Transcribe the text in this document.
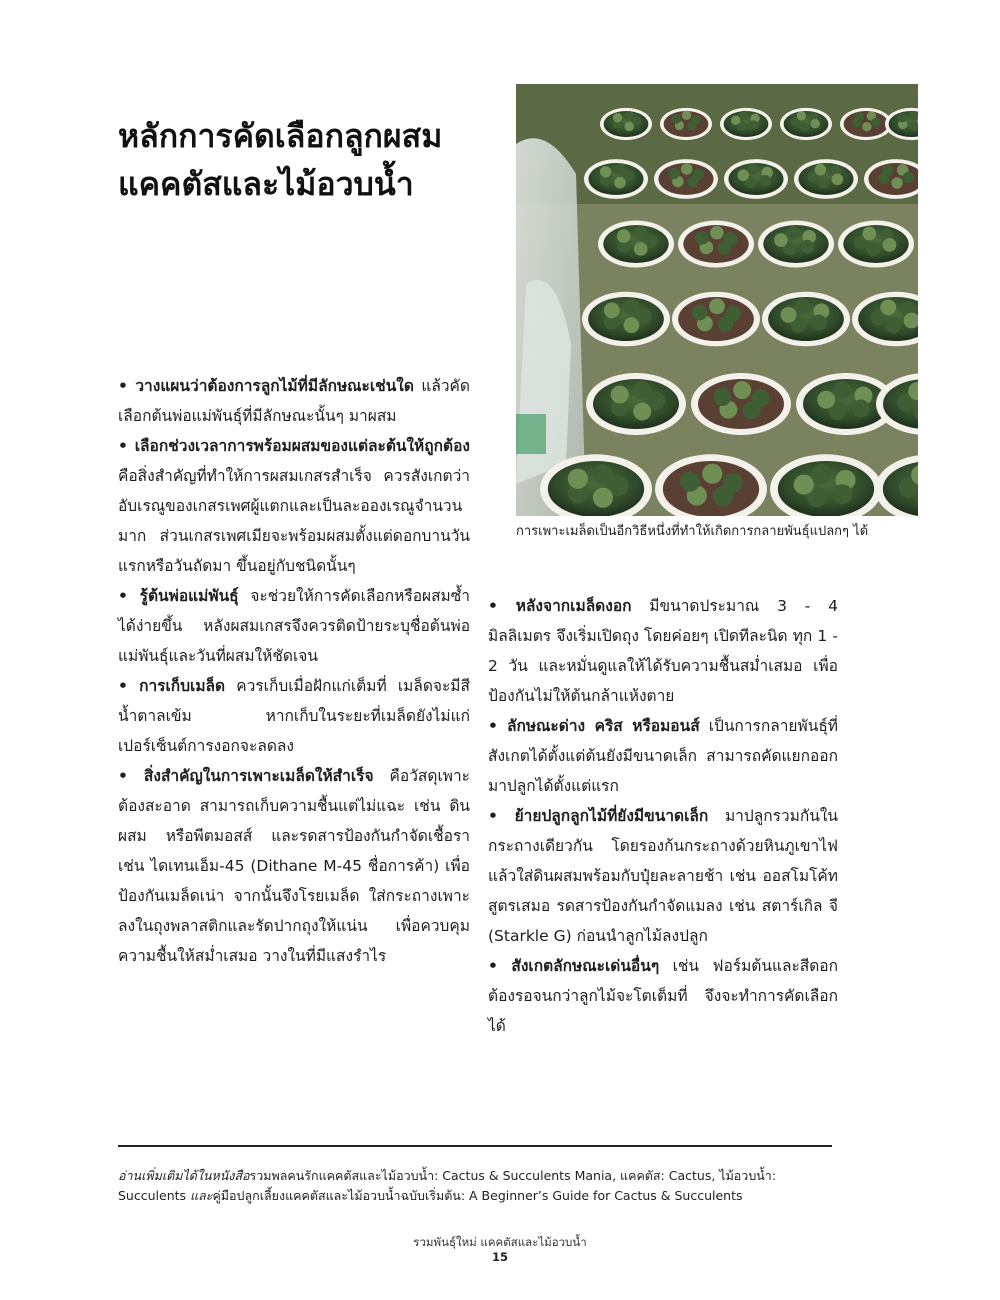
หลักการคัดเลือกลูกผสม
แคคตัสและไม้อวบน้ำ
การเพาะเมล็ดเป็นอีกวิธีหนึ่งที่ทำให้เกิดการกลายพันธุ์แปลกๆ ได้

• วางแผนว่าต้องการลูกไม้ที่มีลักษณะเช่นใด แล้วคัดเลือกต้นพ่อแม่พันธุ์ที่มีลักษณะนั้นๆ มาผสม

• เลือกช่วงเวลาการพร้อมผสมของแต่ละต้นให้ถูกต้อง คือสิ่งสำคัญที่ทำให้การผสมเกสรสำเร็จ ควรสังเกตว่าอับเรณูของเกสรเพศผู้แตกและเป็นละอองเรณูจำนวนมาก ส่วนเกสรเพศเมียจะพร้อมผสมตั้งแต่ดอกบานวันแรกหรือวันถัดมา ขึ้นอยู่กับชนิดนั้นๆ

• รู้ต้นพ่อแม่พันธุ์ จะช่วยให้การคัดเลือกหรือผสมซ้ำได้ง่ายขึ้น หลังผสมเกสรจึงควรติดป้ายระบุชื่อต้นพ่อแม่พันธุ์และวันที่ผสมให้ชัดเจน

• การเก็บเมล็ด ควรเก็บเมื่อฝักแก่เต็มที่ เมล็ดจะมีสีน้ำตาลเข้ม หากเก็บในระยะที่เมล็ดยังไม่แก่ เปอร์เซ็นต์การงอกจะลดลง

• สิ่งสำคัญในการเพาะเมล็ดให้สำเร็จ คือวัสดุเพาะต้องสะอาด สามารถเก็บความชื้นแต่ไม่แฉะ เช่น ดินผสม หรือพีตมอสส์ และรดสารป้องกันกำจัดเชื้อรา เช่น ไดเทนเอ็ม-45 (Dithane M-45 ชื่อการค้า) เพื่อป้องกันเมล็ดเน่า จากนั้นจึงโรยเมล็ด ใส่กระถางเพาะลงในถุงพลาสติกและรัดปากถุงให้แน่น เพื่อควบคุมความชื้นให้สม่ำเสมอ วางในที่มีแสงรำไร

• หลังจากเมล็ดงอก มีขนาดประมาณ 3 - 4 มิลลิเมตร จึงเริ่มเปิดถุง โดยค่อยๆ เปิดทีละนิด ทุก 1 - 2 วัน และหมั่นดูแลให้ได้รับความชื้นสม่ำเสมอ เพื่อป้องกันไม่ให้ต้นกล้าแห้งตาย

• ลักษณะด่าง คริส หรือมอนส์ เป็นการกลายพันธุ์ที่สังเกตได้ตั้งแต่ต้นยังมีขนาดเล็ก สามารถคัดแยกออกมาปลูกได้ตั้งแต่แรก

• ย้ายปลูกลูกไม้ที่ยังมีขนาดเล็ก มาปลูกรวมกันในกระถางเดียวกัน โดยรองก้นกระถางด้วยหินภูเขาไฟ แล้วใส่ดินผสมพร้อมกับปุ๋ยละลายช้า เช่น ออสโมโค้ทสูตรเสมอ รดสารป้องกันกำจัดแมลง เช่น สตาร์เกิล จี (Starkle G) ก่อนนำลูกไม้ลงปลูก

• สังเกตลักษณะเด่นอื่นๆ เช่น ฟอร์มต้นและสีดอก ต้องรอจนกว่าลูกไม้จะโตเต็มที่ จึงจะทำการคัดเลือกได้

อ่านเพิ่มเติมได้ในหนังสือรวมพลคนรักแคคตัสและไม้อวบน้ำ: Cactus & Succulents Mania, แคคตัส: Cactus, ไม้อวบน้ำ: Succulents และคู่มือปลูกเลี้ยงแคคตัสและไม้อวบน้ำฉบับเริ่มต้น: A Beginner’s Guide for Cactus & Succulents
รวมพันธุ์ใหม่ แคคตัสและไม้อวบน้ำ
15
